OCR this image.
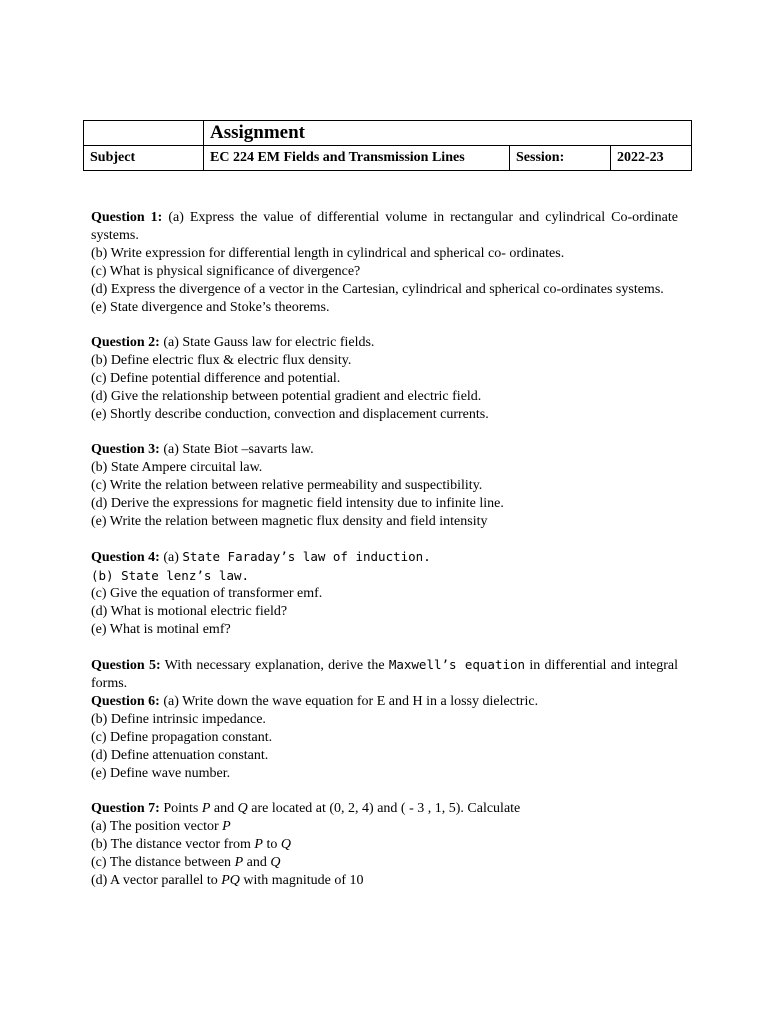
	Assignment		
Subject	EC 224 EM Fields and Transmission Lines	Session:	2022-23
Question 1: (a) Express the value of differential volume in rectangular and cylindrical Co-ordinate systems.
(b) Write expression for differential length in cylindrical and spherical co- ordinates.
(c) What is physical significance of divergence?
(d) Express the divergence of a vector in the Cartesian, cylindrical and spherical co-ordinates systems.
(e) State divergence and Stoke’s theorems.
Question 2: (a) State Gauss law for electric fields.
(b) Define electric flux & electric flux density.
(c) Define potential difference and potential.
(d) Give the relationship between potential gradient and electric field.
(e) Shortly describe conduction, convection and displacement currents.
Question 3: (a) State Biot –savarts law.
(b) State Ampere circuital law.
(c) Write the relation between relative permeability and suspectibility.
(d) Derive the expressions for magnetic field intensity due to infinite line.
(e) Write the relation between magnetic flux density and field intensity
Question 4: (a) State Faraday’s law of induction.
(b) State lenz’s law.
(c) Give the equation of transformer emf.
(d) What is motional electric field?
(e) What is motinal emf?
Question 5: With necessary explanation, derive the Maxwell’s equation in differential and integral forms.
Question 6: (a) Write down the wave equation for E and H in a lossy dielectric.
(b) Define intrinsic impedance.
(c) Define propagation constant.
(d) Define attenuation constant.
(e) Define wave number.
Question 7: Points P and Q are located at (0, 2, 4) and ( - 3 , 1, 5). Calculate
(a) The position vector P
(b) The distance vector from P to Q
(c) The distance between P and Q
(d) A vector parallel to PQ with magnitude of 10
